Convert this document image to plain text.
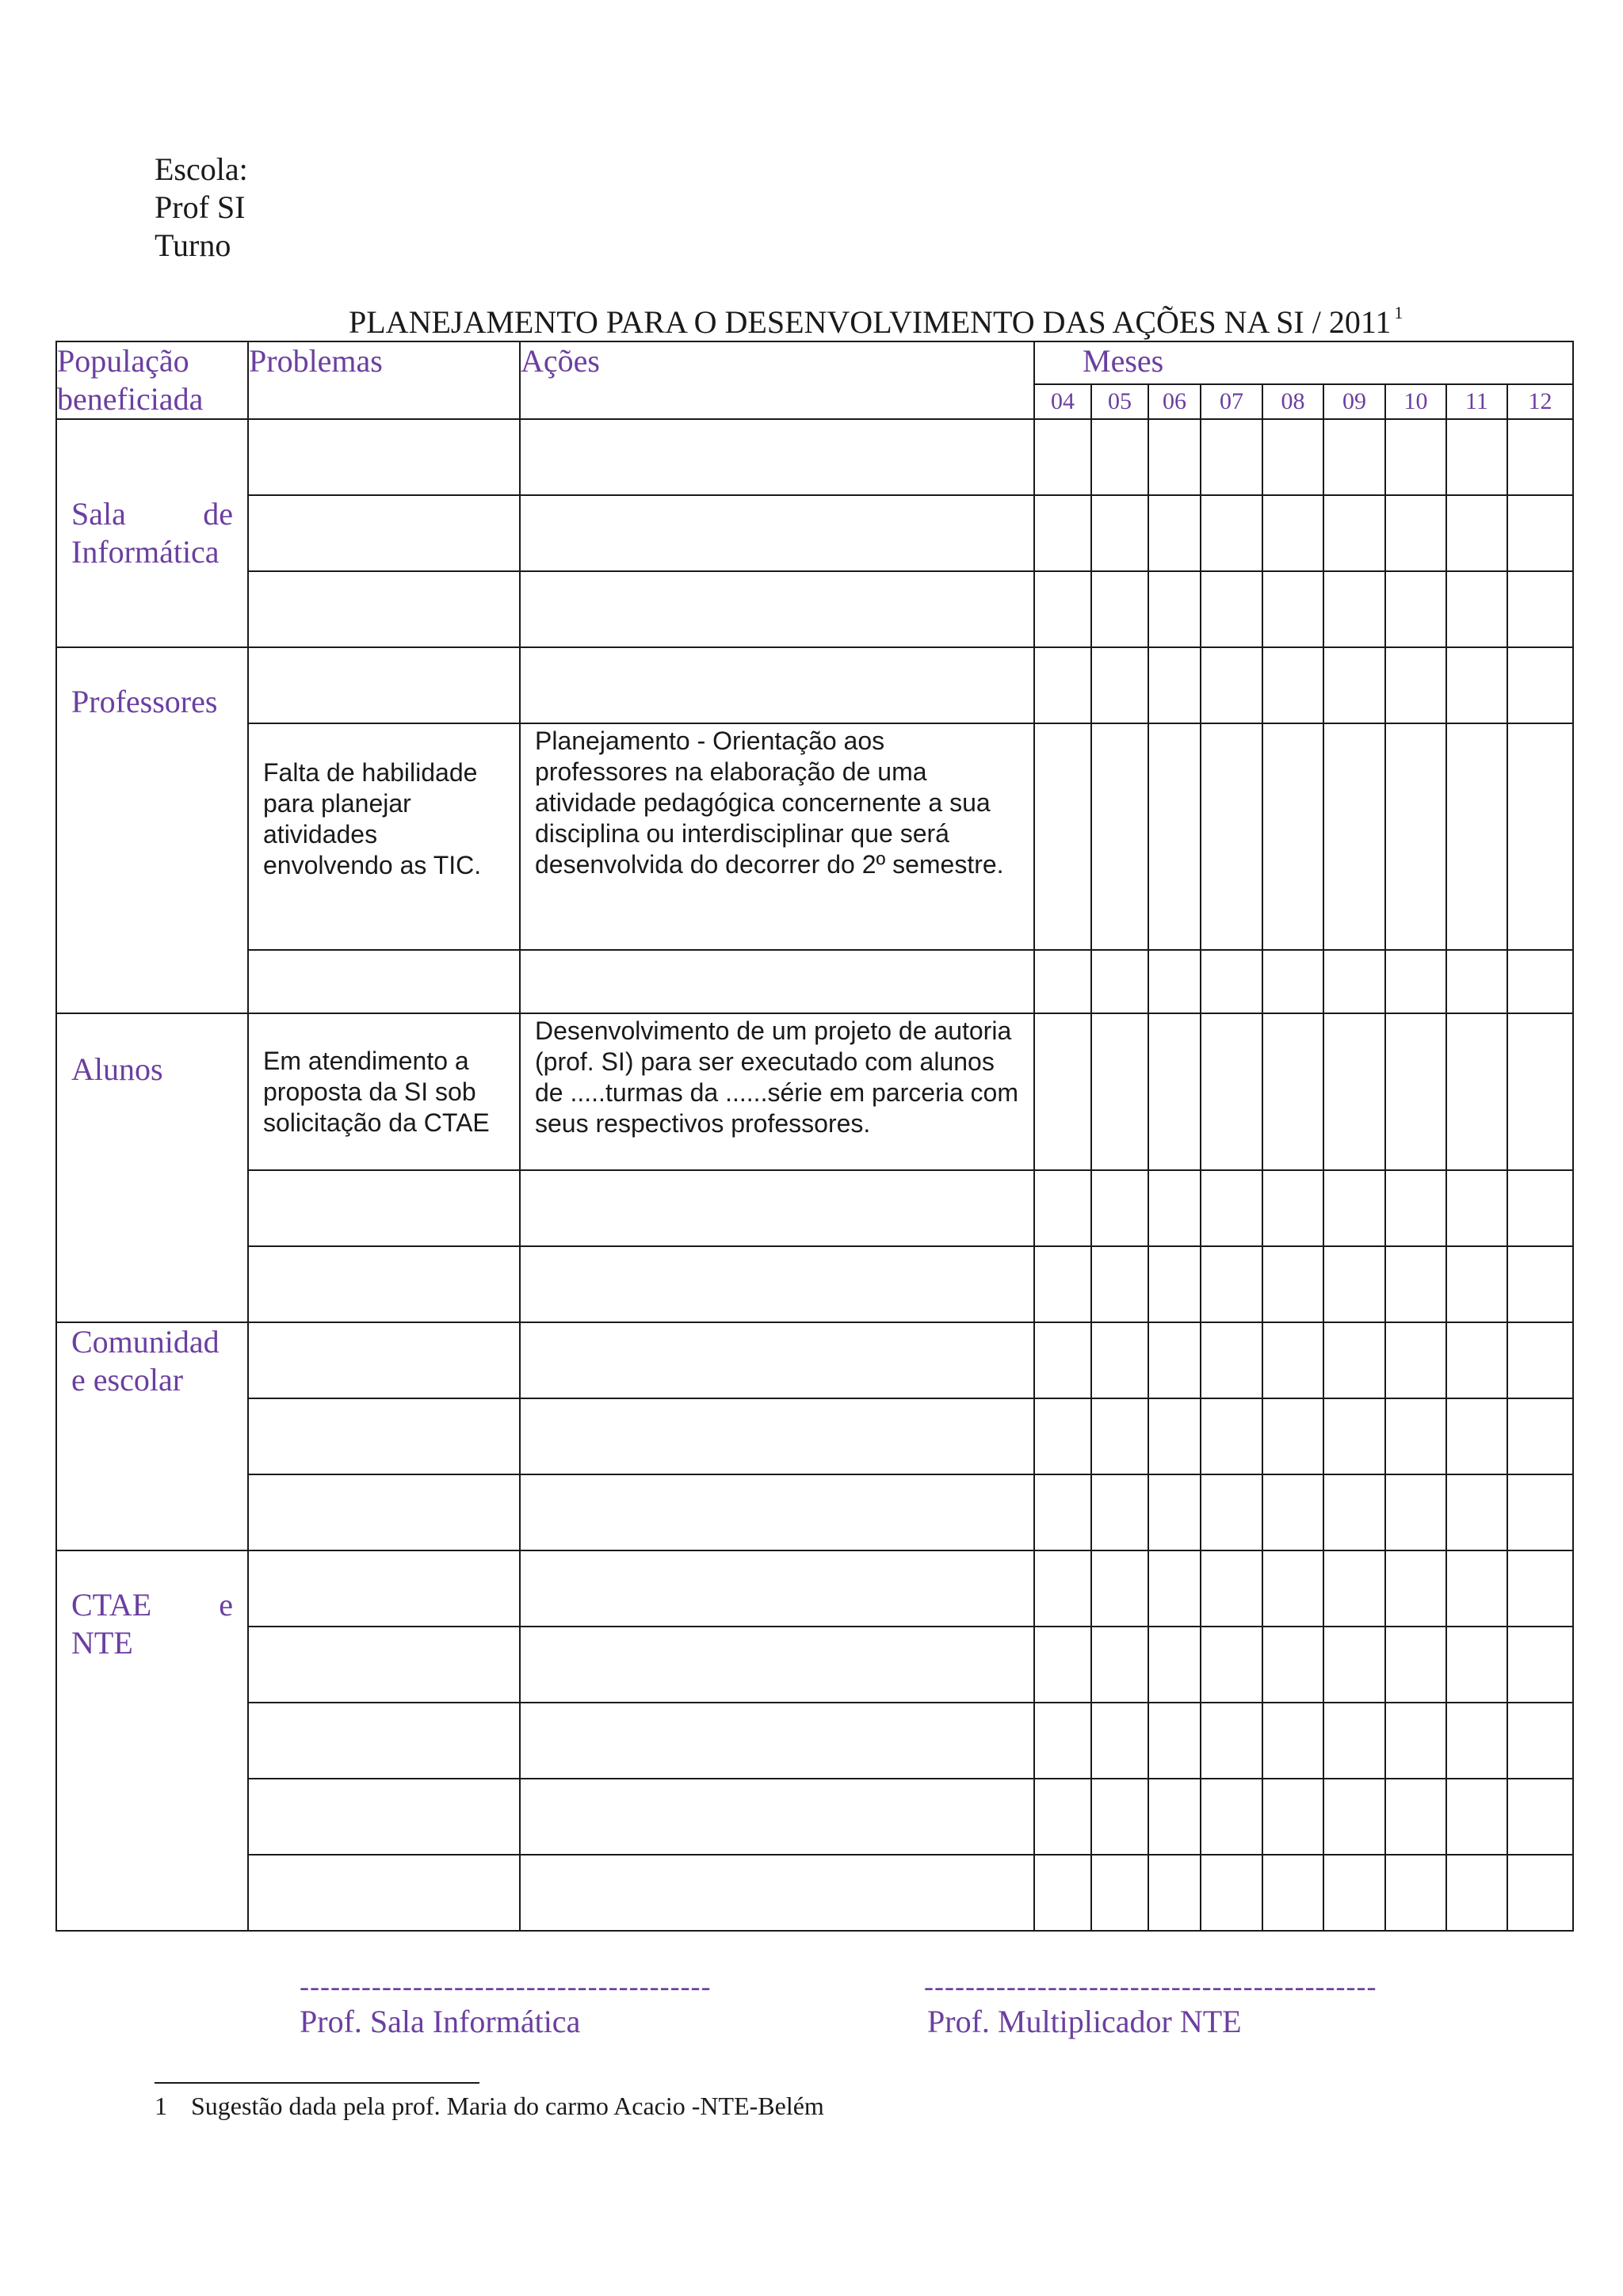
Escola:
Prof SI
Turno
PLANEJAMENTO PARA O DESENVOLVIMENTO DAS AÇÕES NA SI / 2011 $^1$
População
beneficiada	Problemas	Ações	Meses								
			04	05	06	07	08	09	10	11	12

Sala de
Informática											

Professores											
	Falta de habilidade para planejar atividades envolvendo as TIC.	Planejamento - Orientação aos professores na elaboração de uma atividade pedagógica concernente a sua disciplina ou interdisciplinar que será desenvolvida do decorrer do 2º semestre.									

Alunos	Em atendimento a proposta da SI sob solicitação da CTAE	Desenvolvimento de um projeto de autoria (prof. SI) para ser executado com alunos de .....turmas da ......série em parceria com seus respectivos professores.									

Comunidad
e escolar											

CTAE e
NTE											

----------------------------------------
Prof. Sala Informática
--------------------------------------------
Prof. Multiplicador NTE
1 Sugestão dada pela prof. Maria do carmo Acacio -NTE-Belém
